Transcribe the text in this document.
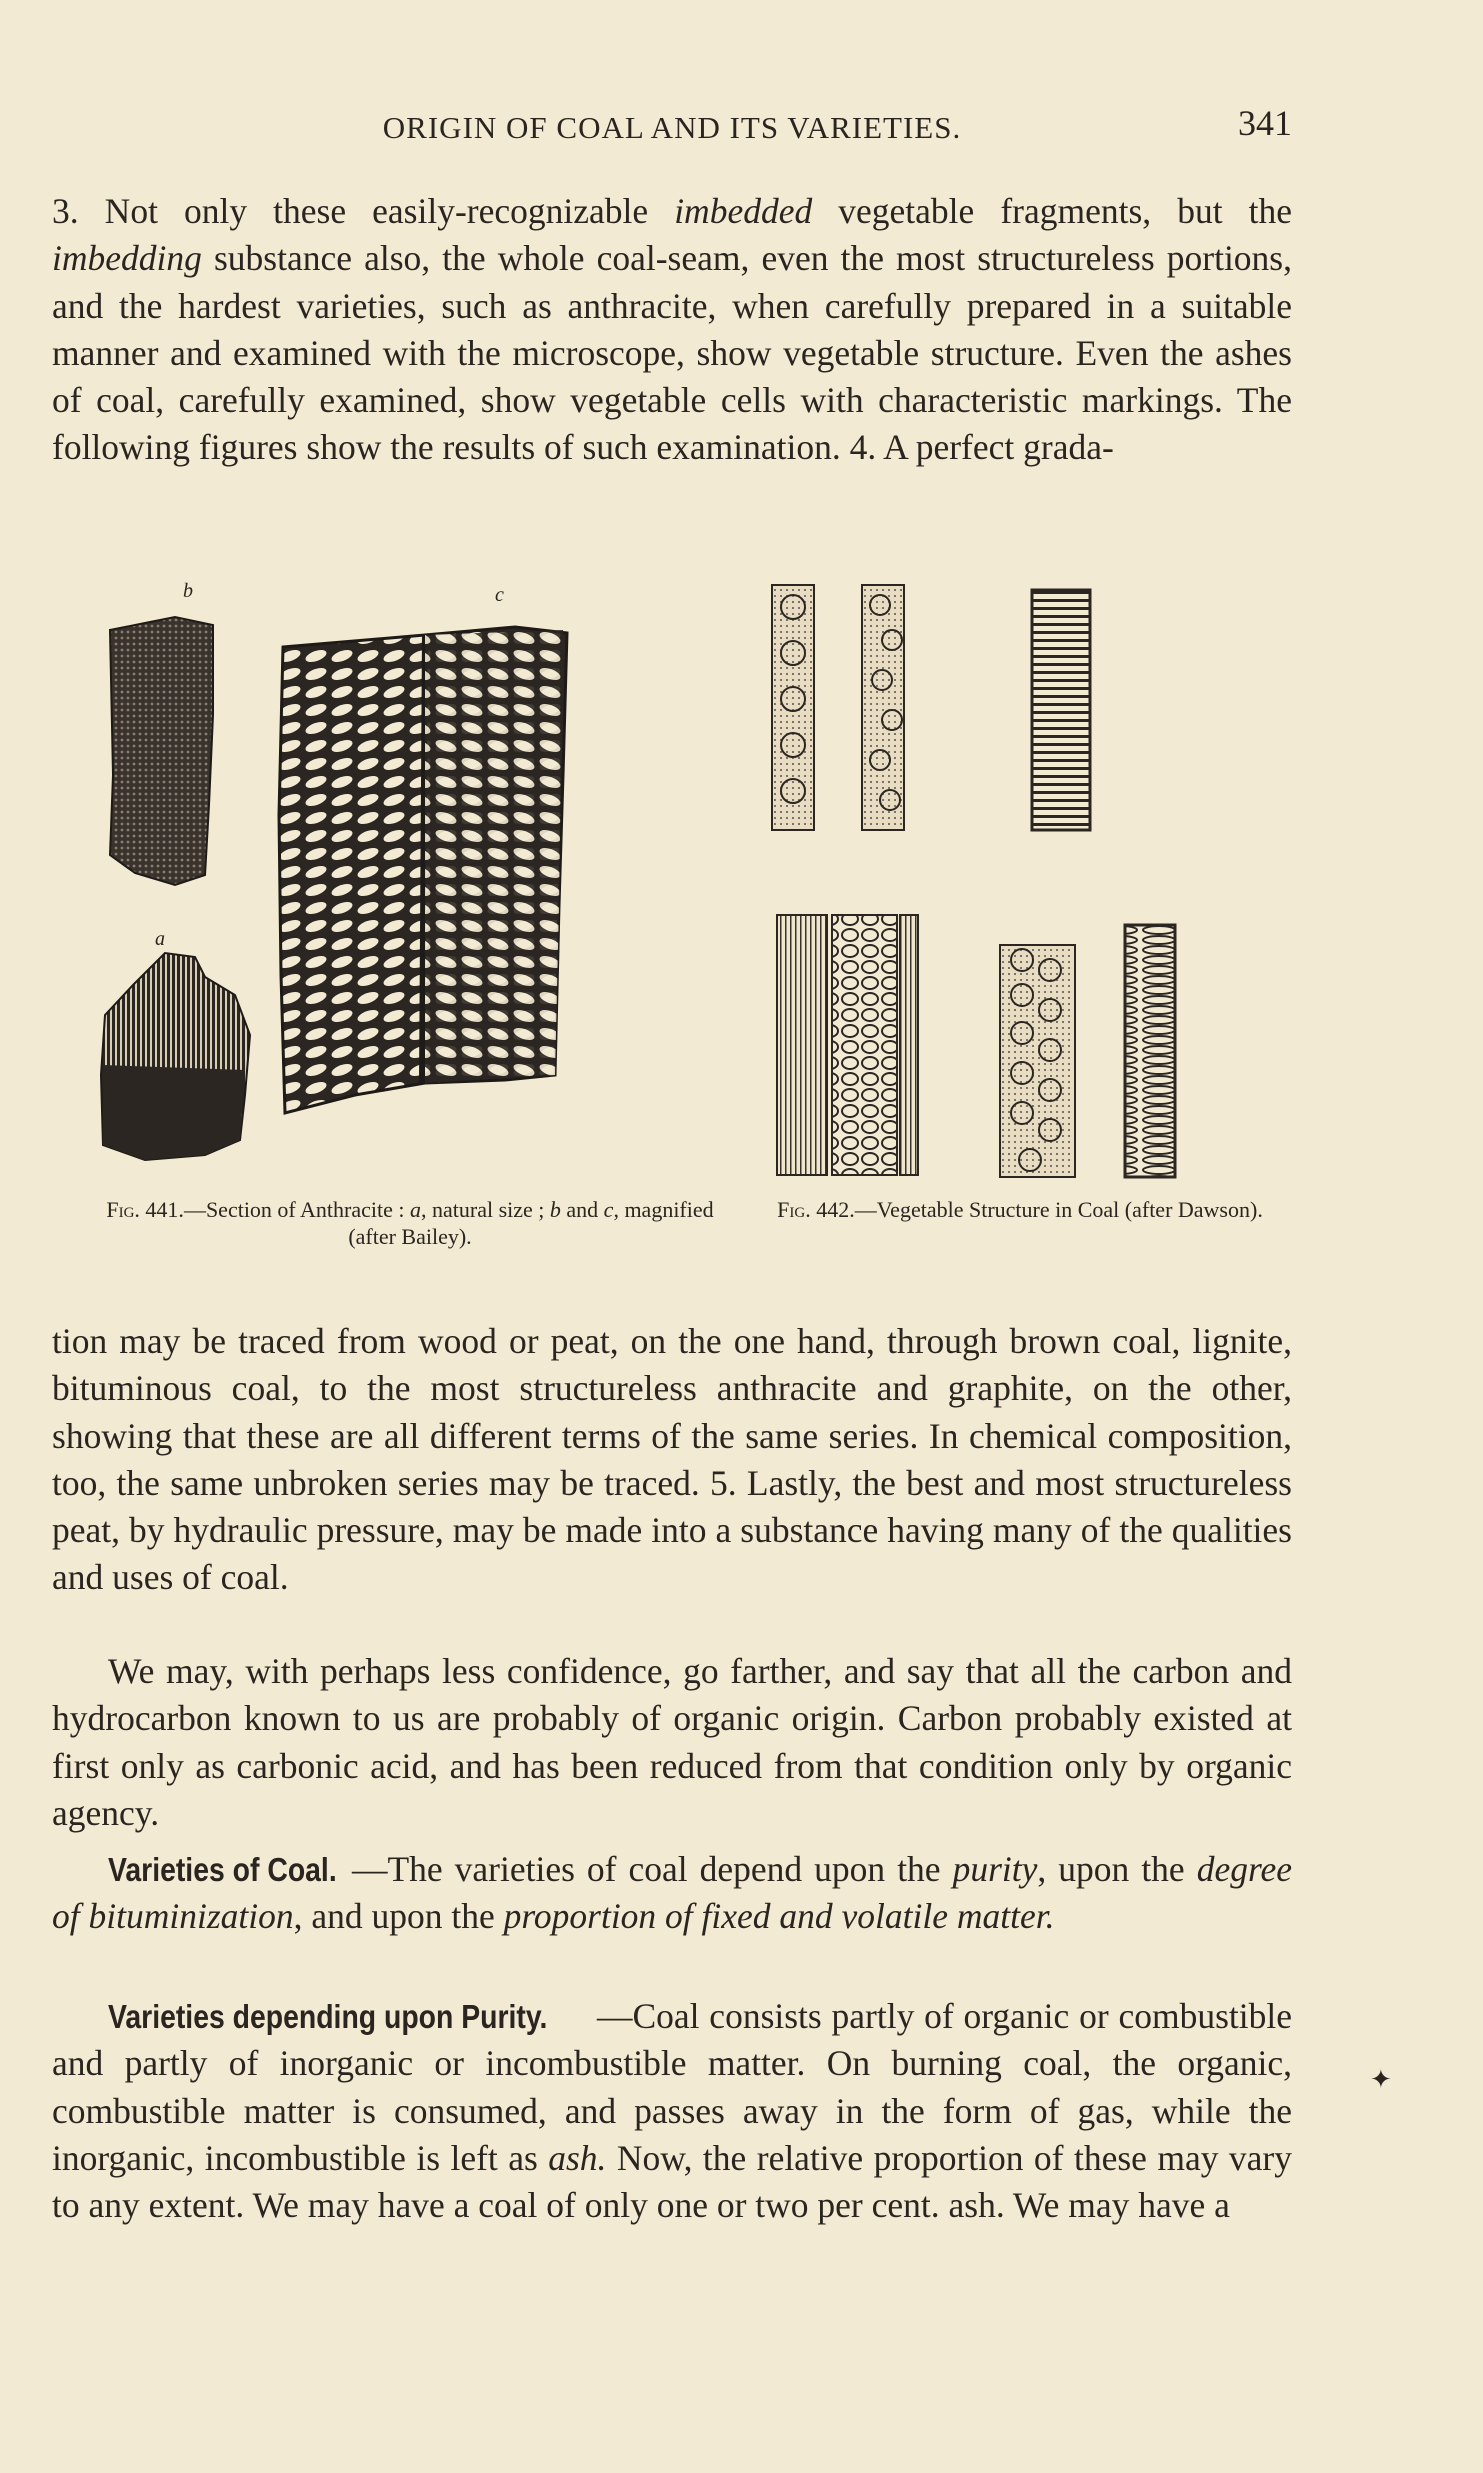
ORIGIN OF COAL AND ITS VARIETIES.	341

3. Not only these easily-recognizable imbedded vegetable fragments, but the imbedding substance also, the whole coal-seam, even the most structureless portions, and the hardest varieties, such as anthracite, when carefully prepared in a suitable manner and examined with the microscope, show vegetable structure. Even the ashes of coal, carefully examined, show vegetable cells with characteristic markings. The following figures show the results of such examination. 4. A perfect grada-

b	c
a
Fig. 441.—Section of Anthracite : a, natural size ; b and c, magnified (after Bailey).
Fig. 442.—Vegetable Structure in Coal (after Dawson).

tion may be traced from wood or peat, on the one hand, through brown coal, lignite, bituminous coal, to the most structureless anthracite and graphite, on the other, showing that these are all different terms of the same series. In chemical composition, too, the same unbroken series may be traced. 5. Lastly, the best and most structureless peat, by hydraulic pressure, may be made into a substance having many of the qualities and uses of coal.

We may, with perhaps less confidence, go farther, and say that all the carbon and hydrocarbon known to us are probably of organic origin. Carbon probably existed at first only as carbonic acid, and has been reduced from that condition only by organic agency.

Varieties of Coal. —The varieties of coal depend upon the purity, upon the degree of bituminization, and upon the proportion of fixed and volatile matter.

Varieties depending upon Purity. —Coal consists partly of organic or combustible and partly of inorganic or incombustible matter. On burning coal, the organic, combustible matter is consumed, and passes away in the form of gas, while the inorganic, incombustible is left as ash. Now, the relative proportion of these may vary to any extent. We may have a coal of only one or two per cent. ash. We may have a

✦
